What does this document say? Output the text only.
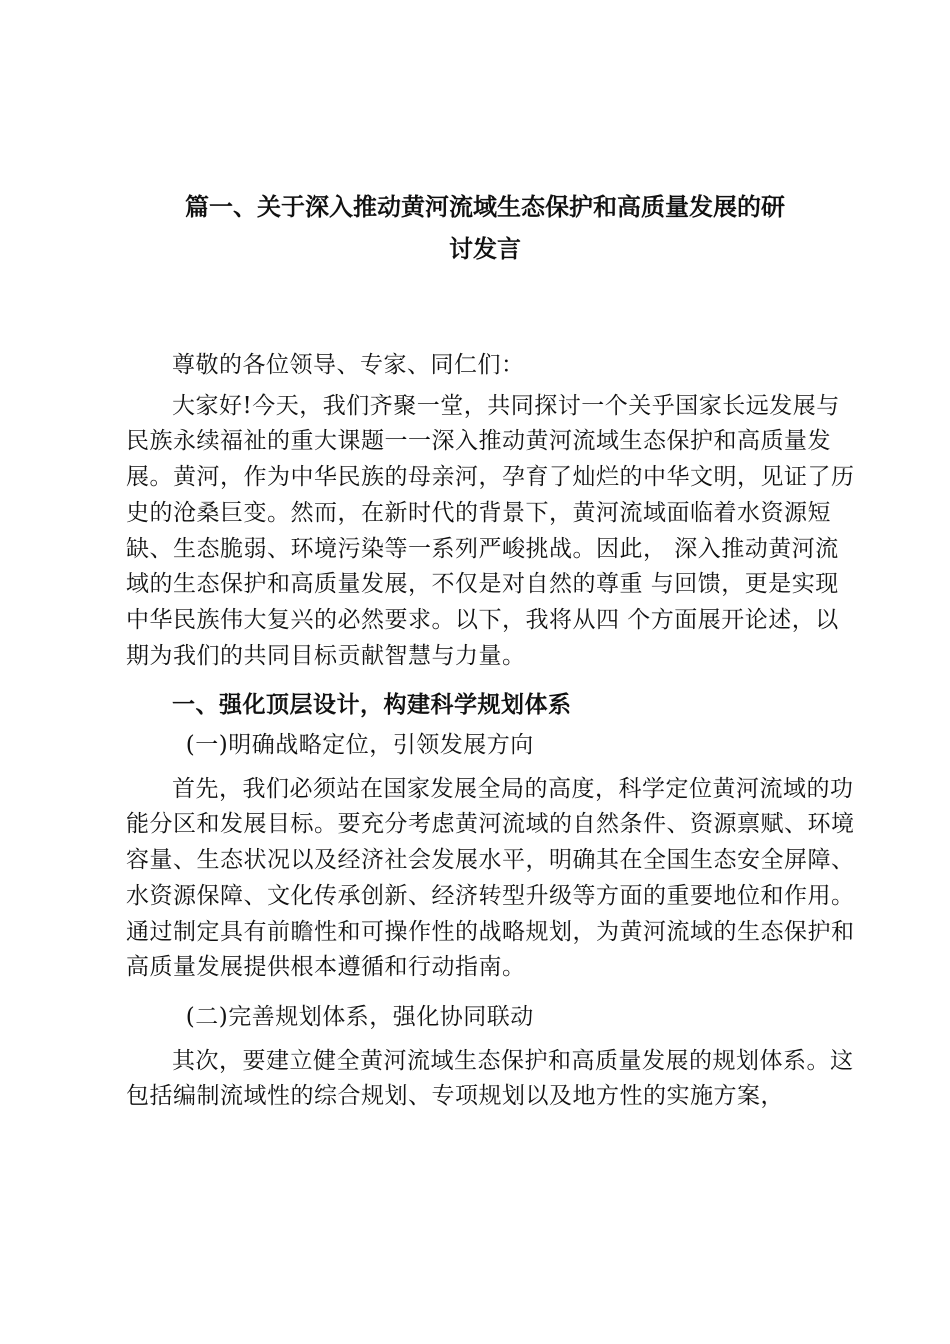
篇一、关于深入推动黄河流域生态保护和高质量发展的研
讨发言

尊敬的各位领导、专家、同仁们：

大家好!今天，我们齐聚一堂，共同探讨一个关乎国家长远发展与民族永续福祉的重大课题一一深入推动黄河流域生态保护和高质量发展。黄河，作为中华民族的母亲河，孕育了灿烂的中华文明，见证了历史的沧桑巨变。然而，在新时代的背景下，黄河流域面临着水资源短缺、生态脆弱、环境污染等一系列严峻挑战。因此， 深入推动黄河流域的生态保护和高质量发展，不仅是对自然的尊重 与回馈，更是实现中华民族伟大复兴的必然要求。以下，我将从四 个方面展开论述，以期为我们的共同目标贡献智慧与力量。

一、强化顶层设计，构建科学规划体系

(一)明确战略定位，引领发展方向

首先，我们必须站在国家发展全局的高度，科学定位黄河流域的功能分区和发展目标。要充分考虑黄河流域的自然条件、资源禀赋、环境容量、生态状况以及经济社会发展水平，明确其在全国生态安全屏障、水资源保障、文化传承创新、经济转型升级等方面的重要地位和作用。通过制定具有前瞻性和可操作性的战略规划，为黄河流域的生态保护和高质量发展提供根本遵循和行动指南。

(二)完善规划体系，强化协同联动

其次，要建立健全黄河流域生态保护和高质量发展的规划体系。这包括编制流域性的综合规划、专项规划以及地方性的实施方案，
